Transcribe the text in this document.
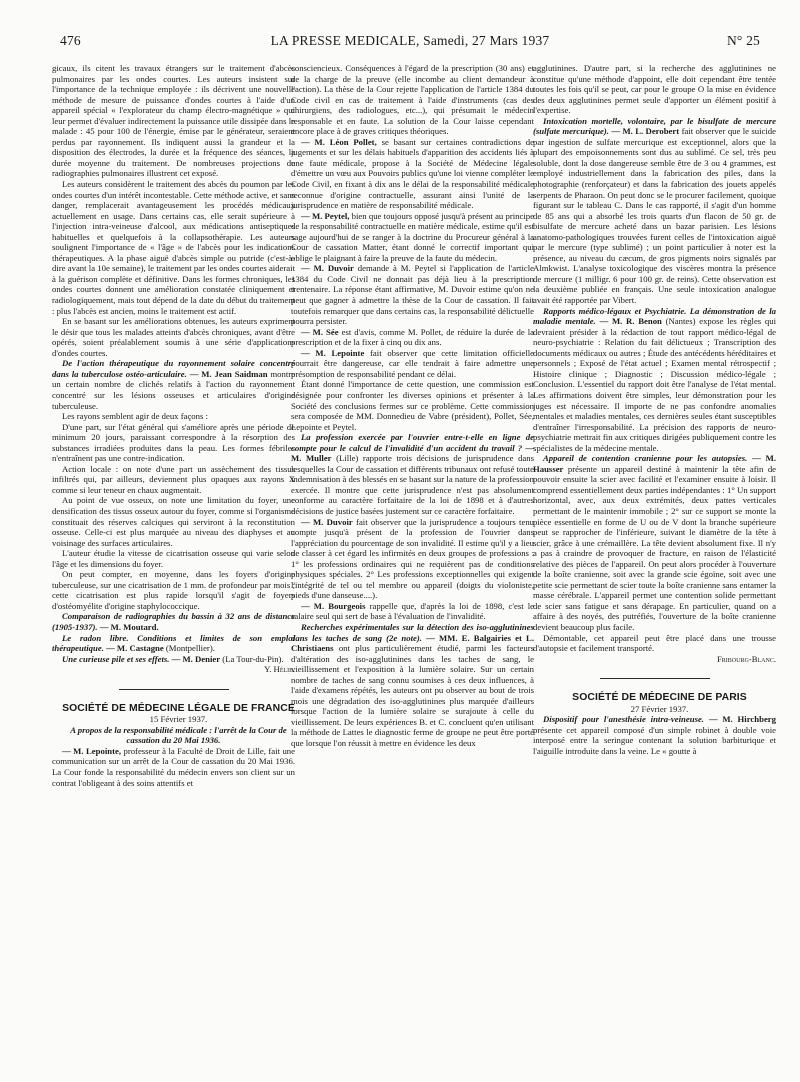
476	LA PRESSE MEDICALE, Samedi, 27 Mars 1937	N° 25

gicaux, ils citent les travaux étrangers sur le traitement d'abcès pulmonaires par les ondes courtes. Les auteurs insistent sur l'importance de la technique employée : ils décrivent une nouvelle méthode de mesure de puissance d'ondes courtes à l'aide d'un appareil spécial « l'explorateur du champ électro-magnétique » qui leur permet d'évaluer indirectement la puissance utile dissipée dans le malade : 45 pour 100 de l'énergie, émise par le générateur, seraient perdus par rayonnement. Ils indiquent aussi la grandeur et la disposition des électrodes, la durée et la fréquence des séances, la durée moyenne du traitement. De nombreuses projections de radiographies pulmonaires illustrent cet exposé.

Les auteurs considèrent le traitement des abcès du poumon par les ondes courtes d'un intérêt incontestable. Cette méthode active, et sans danger, remplacerait avantageusement les procédés médicaux actuellement en usage. Dans certains cas, elle serait supérieure à l'injection intra-veineuse d'alcool, aux médications antiseptiques habituelles et quelquefois à la collapsothérapie. Les auteurs soulignent l'importance de « l'âge » de l'abcès pour les indications thérapeutiques. A la phase aiguë d'abcès simple ou putride (c'est-à-dire avant la 10e semaine), le traitement par les ondes courtes aiderait à la guérison complète et définitive. Dans les formes chroniques, les ondes courtes donnent une amélioration constatée cliniquement et radiologiquement, mais tout dépend de la date du début du traitement : plus l'abcès est ancien, moins le traitement est actif.

En se basant sur les améliorations obtenues, les auteurs expriment le désir que tous les malades atteints d'abcès chroniques, avant d'être opérés, soient préalablement soumis à une série d'applications d'ondes courtes.

De l'action thérapeutique du rayonnement solaire concentré dans la tuberculose ostéo-articulaire. — M. Jean Saidman montre un certain nombre de clichés relatifs à l'action du rayonnement concentré sur les lésions osseuses et articulaires d'origine tuberculeuse.

Les rayons semblent agir de deux façons :

D'une part, sur l'état général qui s'améliore après une période de minimum 20 jours, paraissant correspondre à la résorption des substances irradiées produites dans la peau. Les formes fébriles n'entraînent pas une contre-indication.

Action locale : on note d'une part un assèchement des tissus infiltrés qui, par ailleurs, deviennent plus opaques aux rayons X comme si leur teneur en chaux augmentait.

Au point de vue osseux, on note une limitation du foyer, une densification des tissus osseux autour du foyer, comme si l'organisme constituait des réserves calciques qui serviront à la reconstitution osseuse. Celle-ci est plus marquée au niveau des diaphyses et au voisinage des surfaces articulaires.

L'auteur étudie la vitesse de cicatrisation osseuse qui varie selon l'âge et les dimensions du foyer.

On peut compter, en moyenne, dans les foyers d'origine tuberculeuse, sur une cicatrisation de 1 mm. de profondeur par mois ; cette cicatrisation est plus rapide lorsqu'il s'agit de foyers d'ostéomyélite d'origine staphylococcique.

Comparaison de radiographies du bassin à 32 ans de distance (1905-1937). — M. Moutard.

Le radon libre. Conditions et limites de son emploi thérapeutique. — M. Castagne (Montpellier).

Une curieuse pile et ses effets. — M. Denier (La Tour-du-Pin).

Y. Hélie.

SOCIÉTÉ DE MÉDECINE LÉGALE DE FRANCE

15 Février 1937.

A propos de la responsabilité médicale : l'arrêt de la Cour de cassation du 20 Mai 1936.

— M. Lepointe, professeur à la Faculté de Droit de Lille, fait une communication sur un arrêt de la Cour de cassation du 20 Mai 1936. La Cour fonde la responsabilité du médecin envers son client sur un contrat l'obligeant à des soins attentifs et

consciencieux. Conséquences à l'égard de la prescription (30 ans) et de la charge de la preuve (elle incombe au client demandeur à l'action). La thèse de la Cour rejette l'application de l'article 1384 du Code civil en cas de traitement à l'aide d'instruments (cas des chirurgiens, des radiologues, etc...), qui présumait le médecin responsable et en faute. La solution de la Cour laisse cependant encore place à de graves critiques théoriques.

— M. Léon Pollet, se basant sur certaines contradictions de jugements et sur les délais habituels d'apparition des accidents liés à une faute médicale, propose à la Société de Médecine légale d'émettre un vœu aux Pouvoirs publics qu'une loi vienne compléter le Code Civil, en fixant à dix ans le délai de la responsabilité médicale reconnue d'origine contractuelle, assurant ainsi l'unité de la jurisprudence en matière de responsabilité médicale.

— M. Peytel, bien que toujours opposé jusqu'à présent au principe de la responsabilité contractuelle en matière médicale, estime qu'il est sage aujourd'hui de se ranger à la doctrine du Procureur général à la Cour de cassation Matter, étant donné le correctif important qui oblige le plaignant à faire la preuve de la faute du médecin.

— M. Duvoir demande à M. Peytel si l'application de l'article 1384 du Code Civil ne donnait pas déjà lieu à la prescription trentenaire. La réponse étant affirmative, M. Duvoir estime qu'on ne peut que gagner à admettre la thèse de la Cour de cassation. Il fait toutefois remarquer que dans certains cas, la responsabilité délictuelle pourra persister.

— M. Sée est d'avis, comme M. Pollet, de réduire la durée de la prescription et de la fixer à cinq ou dix ans.

— M. Lepointe fait observer que cette limitation officielle pourrait être dangereuse, car elle tendrait à faire admettre une présomption de responsabilité pendant ce délai.

Étant donné l'importance de cette question, une commission est désignée pour confronter les diverses opinions et présenter à la Société des conclusions fermes sur ce problème. Cette commission sera composée de MM. Donnedieu de Vabre (président), Pollet, Sée, Lepointe et Peytel.

La profession exercée par l'ouvrier entre-t-elle en ligne de compte pour le calcul de l'invalidité d'un accident du travail ? — M. Muller (Lille) rapporte trois décisions de jurisprudence dans lesquelles la Cour de cassation et différents tribunaux ont refusé toute indemnisation à des blessés en se basant sur la nature de la profession exercée. Il montre que cette jurisprudence n'est pas absolument conforme au caractère forfaitaire de la loi de 1898 et à d'autres décisions de justice basées justement sur ce caractère forfaitaire.

— M. Duvoir fait observer que la jurisprudence a toujours tenu compte jusqu'à présent de la profession de l'ouvrier dans l'appréciation du pourcentage de son invalidité. Il estime qu'il y a lieu de classer à cet égard les infirmités en deux groupes de professions : 1° les professions ordinaires qui ne requièrent pas de conditions physiques spéciales. 2° Les professions exceptionnelles qui exigent l'intégrité de tel ou tel membre ou appareil (doigts du violoniste, pieds d'une danseuse....).

— M. Bourgeois rappelle que, d'après la loi de 1898, c'est le salaire seul qui sert de base à l'évaluation de l'invalidité.

Recherches expérimentales sur la détection des iso-agglutinines dans les taches de sang (2e note). — MM. E. Balgairies et L. Christiaens ont plus particulièrement étudié, parmi les facteurs d'altération des iso-agglutinines dans les taches de sang, le vieillissement et l'exposition à la lumière solaire. Sur un certain nombre de taches de sang connu soumises à ces deux influences, à l'aide d'examens répétés, les auteurs ont pu observer au bout de trois mois une dégradation des iso-agglutinines plus marquée d'ailleurs lorsque l'action de la lumière solaire se surajoute à celle du vieillissement. De leurs expériences B. et C. concluent qu'en utilisant la méthode de Lattes le diagnostic ferme de groupe ne peut être porté que lorsque l'on réussit à mettre en évidence les deux

agglutinines. D'autre part, si la recherche des agglutinines ne constitue qu'une méthode d'appoint, elle doit cependant être tentée toutes les fois qu'il se peut, car pour le groupe O la mise en évidence des deux agglutinines permet seule d'apporter un élément positif à l'expertise.

Intoxication mortelle, volontaire, par le bisulfate de mercure (sulfate mercurique). — M. L. Derobert fait observer que le suicide par ingestion de sulfate mercurique est exceptionnel, alors que la plupart des empoisonnements sont dus au sublimé. Ce sel, très peu soluble, dont la dose dangereuse semble être de 3 ou 4 grammes, est employé industriellement dans la fabrication des piles, dans la photographie (renforçateur) et dans la fabrication des jouets appelés serpents de Pharaon. On peut donc se le procurer facilement, quoique figurant sur le tableau C. Dans le cas rapporté, il s'agit d'un homme de 85 ans qui a absorbé les trois quarts d'un flacon de 50 gr. de bisulfate de mercure acheté dans un bazar parisien. Les lésions anatomo-pathologiques trouvées furent celles de l'intoxication aiguë par le mercure (type sublimé) ; un point particulier à noter est la présence, au niveau du cæcum, de gros pigments noirs signalés par Almkwist. L'analyse toxicologique des viscères montra la présence de mercure (1 milligr. 6 pour 100 gr. de reins). Cette observation est la deuxième publiée en français. Une seule intoxication analogue avait été rapportée par Vibert.

Rapports médico-légaux et Psychiatrie. La démonstration de la maladie mentale. — M. R. Benon (Nantes) expose les règles qui devraient présider à la rédaction de tout rapport médico-légal de neuro-psychiatrie : Relation du fait délictueux ; Transcription des documents médicaux ou autres ; Étude des antécédents héréditaires et personnels ; Exposé de l'état actuel ; Examen mental rétrospectif ; Histoire clinique ; Diagnostic ; Discussion médico-légale ; Conclusion. L'essentiel du rapport doit être l'analyse de l'état mental. Les affirmations doivent être simples, leur démonstration pour les juges est nécessaire. Il importe de ne pas confondre anomalies mentales et maladies mentales, ces dernières seules étant susceptibles d'entraîner l'irresponsabilité. La précision des rapports de neuro-psychiatrie mettrait fin aux critiques dirigées publiquement contre les spécialistes de la médecine mentale.

Appareil de contention cranienne pour les autopsies. — M. Hausser présente un appareil destiné à maintenir la tête afin de pouvoir ensuite la scier avec facilité et l'examiner ensuite à loisir. Il comprend essentiellement deux parties indépendantes : 1° Un support horizontal, avec, aux deux extrémités, deux pattes verticales permettant de le maintenir immobile ; 2° sur ce support se monte la pièce essentielle en forme de U ou de V dont la branche supérieure peut se rapprocher de l'inférieure, suivant le diamètre de la tête à scier, grâce à une crémaillère. La tête devient absolument fixe. Il n'y a pas à craindre de provoquer de fracture, en raison de l'élasticité relative des pièces de l'appareil. On peut alors procéder à l'ouverture de la boîte cranienne, soit avec la grande scie égoïne, soit avec une petite scie permettant de scier toute la boîte cranienne sans entamer la masse cérébrale. L'appareil permet une contention solide permettant de scier sans fatigue et sans dérapage. En particulier, quand on a affaire à des noyés, des putréfiés, l'ouverture de la boîte cranienne devient beaucoup plus facile.

Démontable, cet appareil peut être placé dans une trousse d'autopsie et facilement transporté.

Fribourg-Blanc.

SOCIÉTÉ DE MÉDECINE DE PARIS

27 Février 1937.

Dispositif pour l'anesthésie intra-veineuse. — M. Hirchberg présente cet appareil composé d'un simple robinet à double voie interposé entre la seringue contenant la solution barbiturique et l'aiguille introduite dans la veine. Le « goutte à
